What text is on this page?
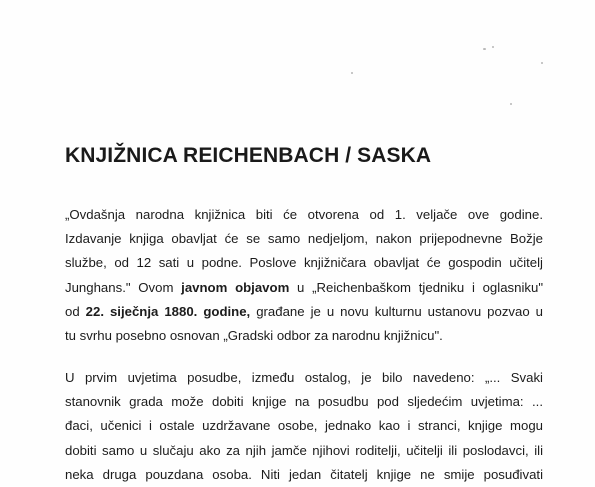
KNJIŽNICA REICHENBACH / SASKA
„Ovdašnja narodna knjižnica biti će otvorena od 1. veljače ove godine.
Izdavanje knjiga obavljat će se samo nedjeljom, nakon prijepodnevne Božje
službe, od 12 sati u podne. Poslove knjižničara obavljat će gospodin učitelj
Junghans." Ovom javnom objavom u „Reichenbaškom tjedniku i oglasniku"
od 22. siječnja 1880. godine, građane je u novu kulturnu ustanovu pozvao u
tu svrhu posebno osnovan „Gradski odbor za narodnu knjižnicu".
U prvim uvjetima posudbe, između ostalog, je bilo navedeno: „... Svaki
stanovnik grada može dobiti knjige na posudbu pod sljedećim uvjetima: ...
đaci, učenici i ostale uzdržavane osobe, jednako kao i stranci, knjige mogu
dobiti samo u slučaju ako za njih jamče njihovi roditelji, učitelji ili poslodavci, ili
neka druga pouzdana osoba. Niti jedan čitatelj knjige ne smije posuđivati
